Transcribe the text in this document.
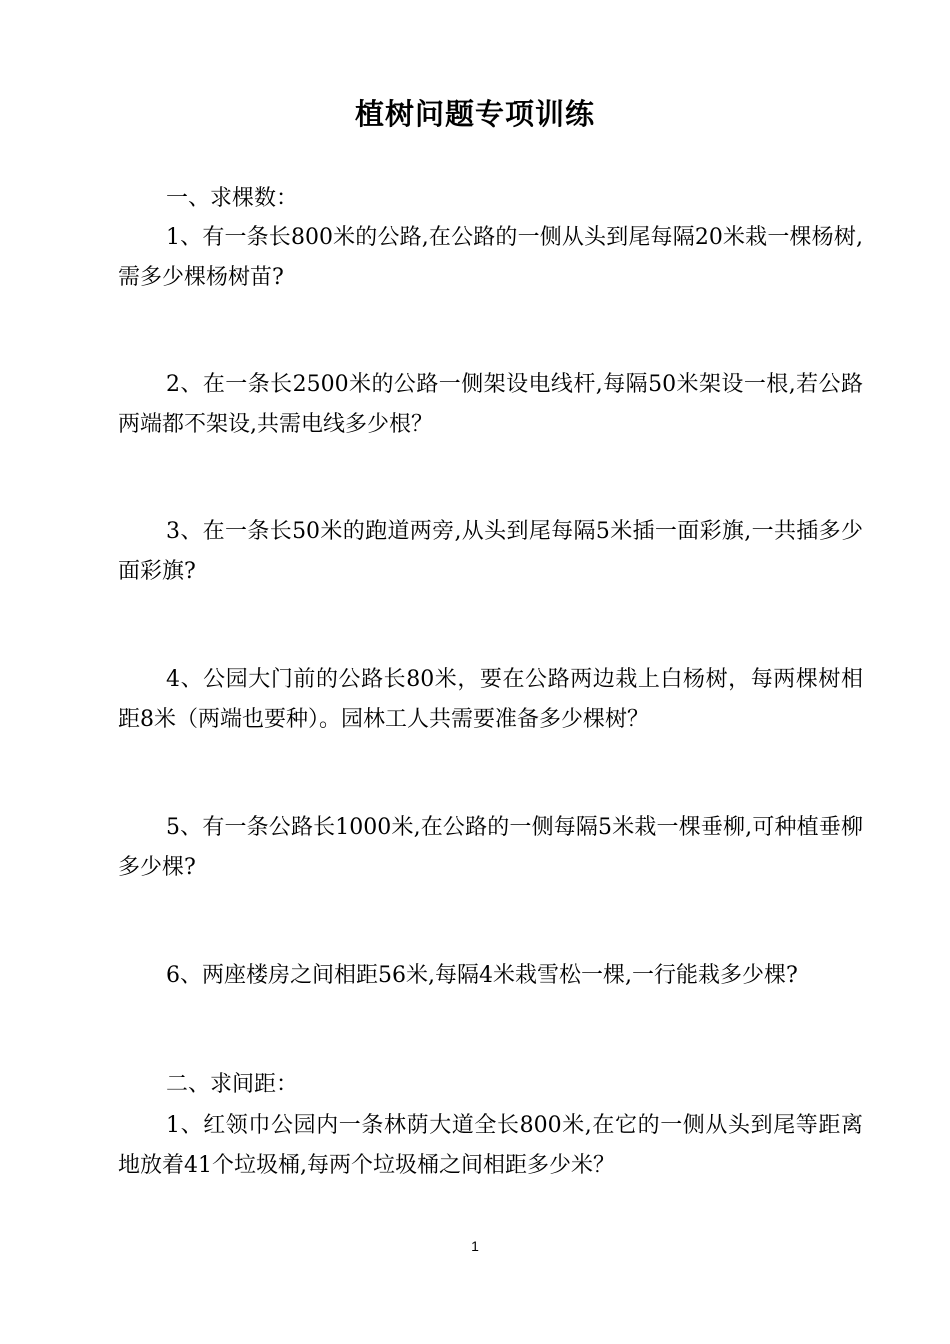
植树问题专项训练
一、求棵数：
1、有一条长800米的公路,在公路的一侧从头到尾每隔20米栽一棵杨树,需多少棵杨树苗?
2、在一条长2500米的公路一侧架设电线杆,每隔50米架设一根,若公路两端都不架设,共需电线多少根？
3、在一条长50米的跑道两旁,从头到尾每隔5米插一面彩旗,一共插多少面彩旗?
4、公园大门前的公路长80米，要在公路两边栽上白杨树，每两棵树相距8米（两端也要种）。园林工人共需要准备多少棵树？
5、有一条公路长1000米,在公路的一侧每隔5米栽一棵垂柳,可种植垂柳多少棵?
6、两座楼房之间相距56米,每隔4米栽雪松一棵,一行能栽多少棵?
二、求间距：
1、红领巾公园内一条林荫大道全长800米,在它的一侧从头到尾等距离地放着41个垃圾桶,每两个垃圾桶之间相距多少米？
1
